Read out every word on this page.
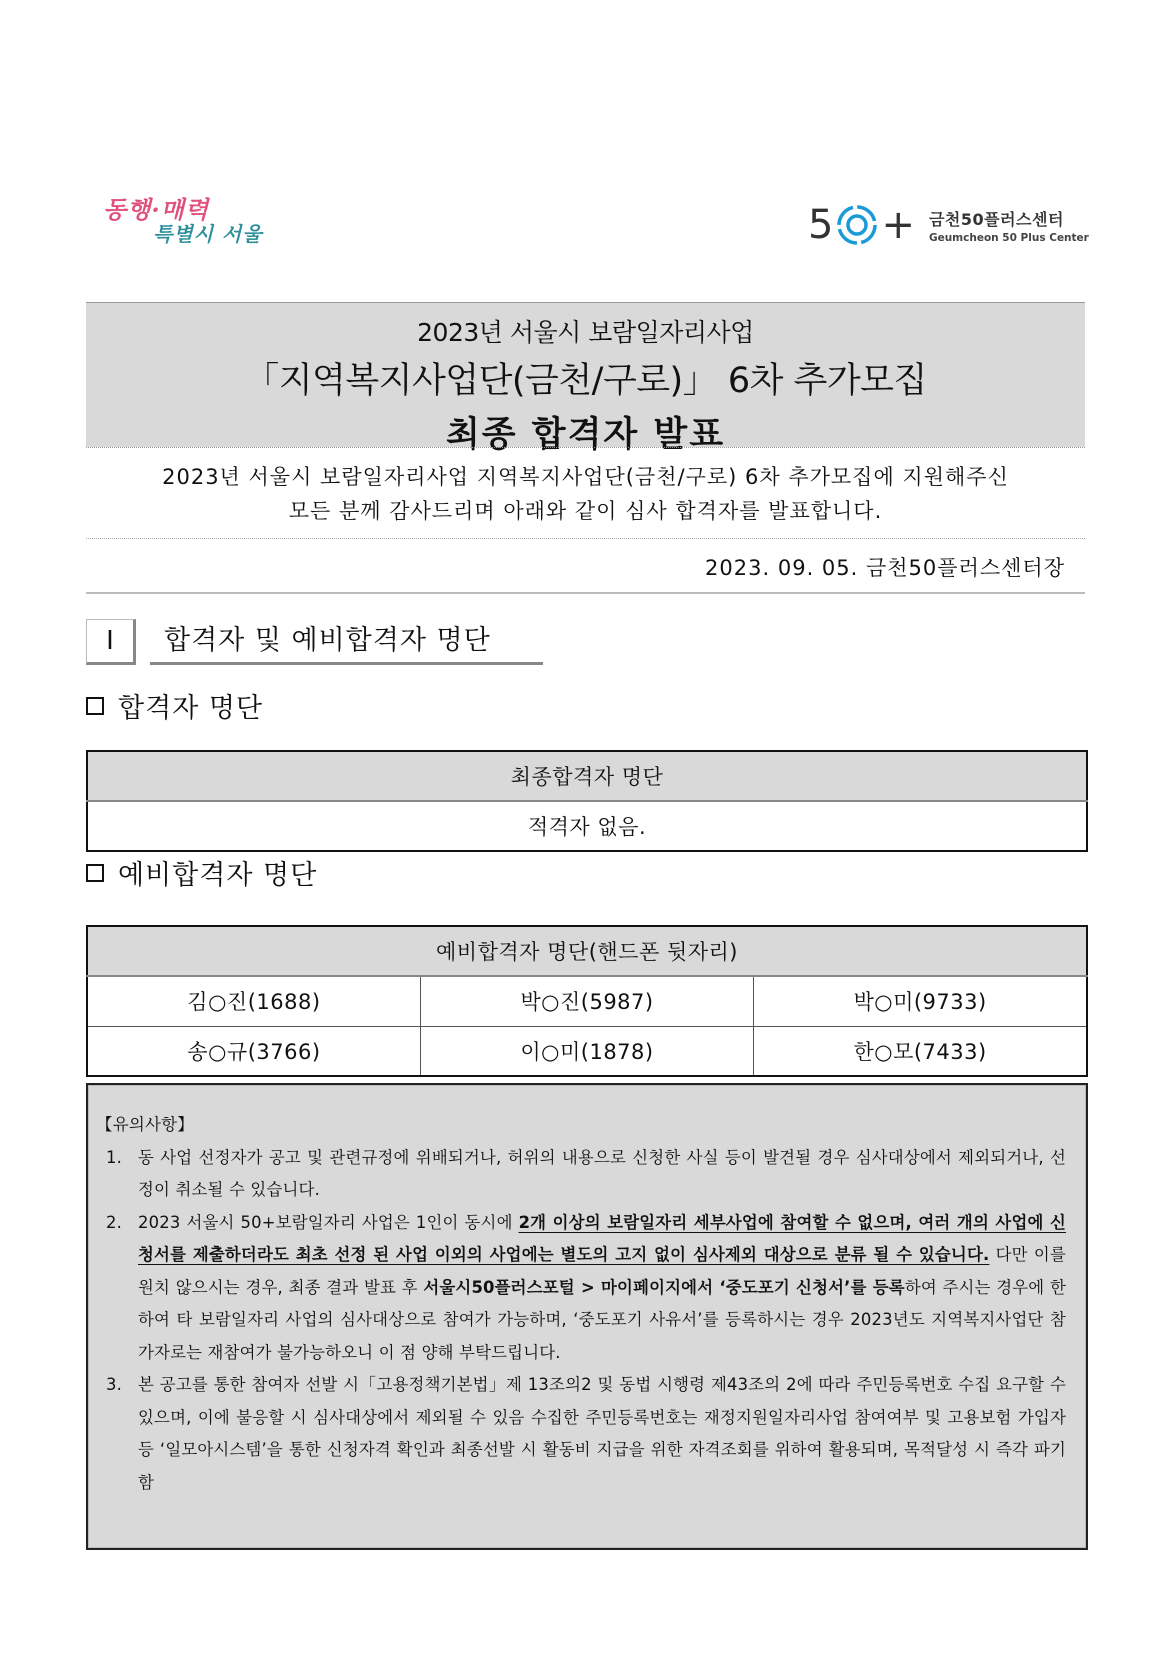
동행·매력
특별시 서울	5 + 금천50플러스센터
Geumcheon 50 Plus Center
2023년 서울시 보람일자리사업
「지역복지사업단(금천/구로)」 6차 추가모집
최종 합격자 발표
2023년 서울시 보람일자리사업 지역복지사업단(금천/구로) 6차 추가모집에 지원해주신
모든 분께 감사드리며 아래와 같이 심사 합격자를 발표합니다.
2023. 09. 05. 금천50플러스센터장
Ⅰ	합격자 및 예비합격자 명단
합격자 명단
최종합격자 명단
적격자 없음.
예비합격자 명단
예비합격자 명단(핸드폰 뒷자리)		
김○진(1688)	박○진(5987)	박○미(9733)
송○규(3766)	이○미(1878)	한○모(7433)
【유의사항】
1. 동 사업 선정자가 공고 및 관련규정에 위배되거나, 허위의 내용으로 신청한 사실 등이 발견될 경우 심사대상에서 제외되거나, 선정이 취소될 수 있습니다.
2. 2023 서울시 50+보람일자리 사업은 1인이 동시에 2개 이상의 보람일자리 세부사업에 참여할 수 없으며, 여러 개의 사업에 신청서를 제출하더라도 최초 선정 된 사업 이외의 사업에는 별도의 고지 없이 심사제외 대상으로 분류 될 수 있습니다. 다만 이를 원치 않으시는 경우, 최종 결과 발표 후 서울시50플러스포털 > 마이페이지에서 ‘중도포기 신청서’를 등록하여 주시는 경우에 한하여 타 보람일자리 사업의 심사대상으로 참여가 가능하며, ‘중도포기 사유서’를 등록하시는 경우 2023년도 지역복지사업단 참가자로는 재참여가 불가능하오니 이 점 양해 부탁드립니다.
3. 본 공고를 통한 참여자 선발 시「고용정책기본법」제 13조의2 및 동법 시행령 제43조의 2에 따라 주민등록번호 수집 요구할 수 있으며, 이에 불응할 시 심사대상에서 제외될 수 있음 수집한 주민등록번호는 재정지원일자리사업 참여여부 및 고용보험 가입자 등 ‘일모아시스템’을 통한 신청자격 확인과 최종선발 시 활동비 지급을 위한 자격조회를 위하여 활용되며, 목적달성 시 즉각 파기함
